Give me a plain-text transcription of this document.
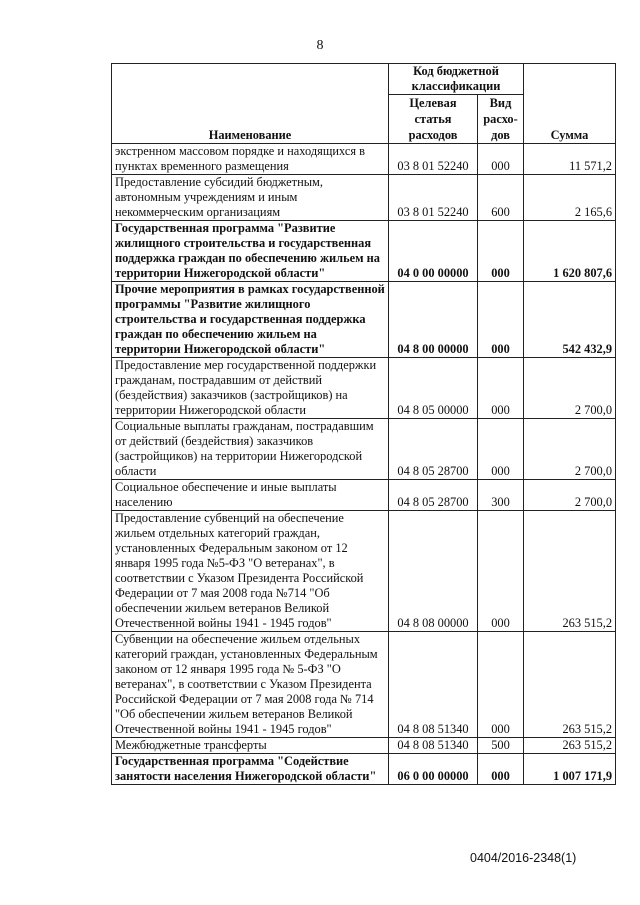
8
Наименование	Код бюджетной классификации		Сумма
	Целевая статья расходов	Вид расхо-дов	
экстренном массовом порядке и находящихся в пунктах временного размещения	03 8 01 52240	000	11 571,2
Предоставление субсидий бюджетным, автономным учреждениям и иным некоммерческим организациям	03 8 01 52240	600	2 165,6
Государственная программа "Развитие жилищного строительства и государственная поддержка граждан по обеспечению жильем на территории Нижегородской области"	04 0 00 00000	000	1 620 807,6
Прочие мероприятия в рамках государственной программы "Развитие жилищного строительства и государственная поддержка граждан по обеспечению жильем на территории Нижегородской области"	04 8 00 00000	000	542 432,9
Предоставление мер государственной поддержки гражданам, пострадавшим от действий (бездействия) заказчиков (застройщиков) на территории Нижегородской области	04 8 05 00000	000	2 700,0
Социальные выплаты гражданам, пострадавшим от действий (бездействия) заказчиков (застройщиков) на территории Нижегородской области	04 8 05 28700	000	2 700,0
Социальное обеспечение и иные выплаты населению	04 8 05 28700	300	2 700,0
Предоставление субвенций на обеспечение жильем отдельных категорий граждан, установленных Федеральным законом от 12 января 1995 года №5-ФЗ "О ветеранах", в соответствии с Указом Президента Российской Федерации от 7 мая 2008 года №714 "Об обеспечении жильем ветеранов Великой Отечественной войны 1941 - 1945 годов"	04 8 08 00000	000	263 515,2
Субвенции на обеспечение жильем отдельных категорий граждан, установленных Федеральным законом от 12 января 1995 года № 5-ФЗ "О ветеранах", в соответствии с Указом Президента Российской Федерации от 7 мая 2008 года № 714 "Об обеспечении жильем ветеранов Великой Отечественной войны 1941 - 1945 годов"	04 8 08 51340	000	263 515,2
Межбюджетные трансферты	04 8 08 51340	500	263 515,2
Государственная программа "Содействие занятости населения Нижегородской области"	06 0 00 00000	000	1 007 171,9
0404/2016-2348(1)
